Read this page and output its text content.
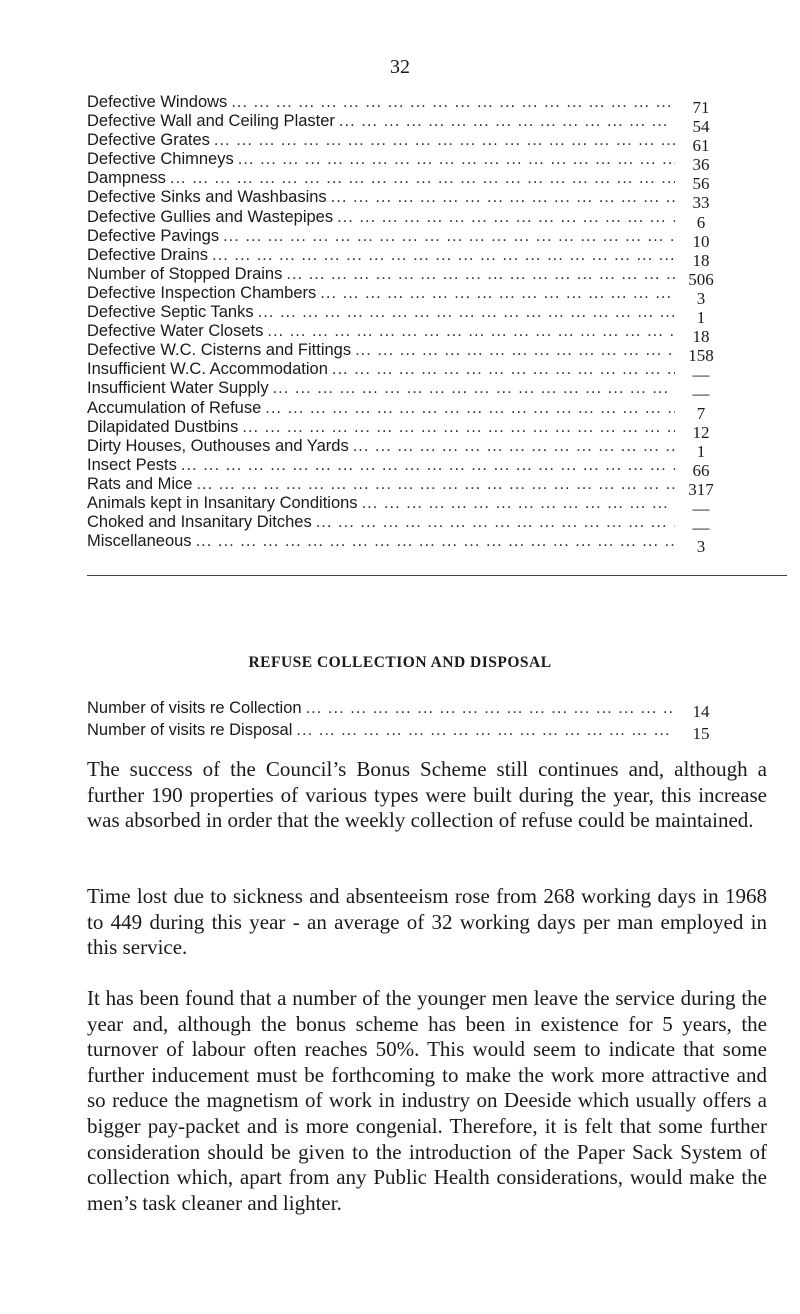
32
Defective Windows ... .	71
Defective Wall and Ceiling Plaster ... .	54
Defective Grates ... .	61
Defective Chimneys ... .	36
Dampness ... .	56
Defective Sinks and Washbasins ... .	33
Defective Gullies and Wastepipes ... .	6
Defective Pavings ... .	10
Defective Drains ... .	18
Number of Stopped Drains ... .	506
Defective Inspection Chambers ... .	3
Defective Septic Tanks ... .	1
Defective Water Closets ... .	18
Defective W.C. Cisterns and Fittings ... .	158
Insufficient W.C. Accommodation ... .	—
Insufficient Water Supply ... .	—
Accumulation of Refuse ... .	7
Dilapidated Dustbins ... .	12
Dirty Houses, Outhouses and Yards ... .	1
Insect Pests ... .	66
Rats and Mice ... .	317
Animals kept in Insanitary Conditions ... .	—
Choked and Insanitary Ditches ... .	—
Miscellaneous ... .	3
REFUSE COLLECTION AND DISPOSAL
Number of visits re Collection ... .	14
Number of visits re Disposal ... .	15

The success of the Council’s Bonus Scheme still continues and, although a further 190 properties of various types were built during the year, this increase was absorbed in order that the weekly collection of refuse could be maintained.

Time lost due to sickness and absenteeism rose from 268 working days in 1968 to 449 during this year - an average of 32 working days per man employed in this service.

It has been found that a number of the younger men leave the service during the year and, although the bonus scheme has been in existence for 5 years, the turnover of labour often reaches 50%. This would seem to indicate that some further inducement must be forthcoming to make the work more attractive and so reduce the magnetism of work in industry on Deeside which usually offers a bigger pay-packet and is more congenial. Therefore, it is felt that some further consideration should be given to the introduction of the Paper Sack System of collection which, apart from any Public Health considerations, would make the men’s task cleaner and lighter.
